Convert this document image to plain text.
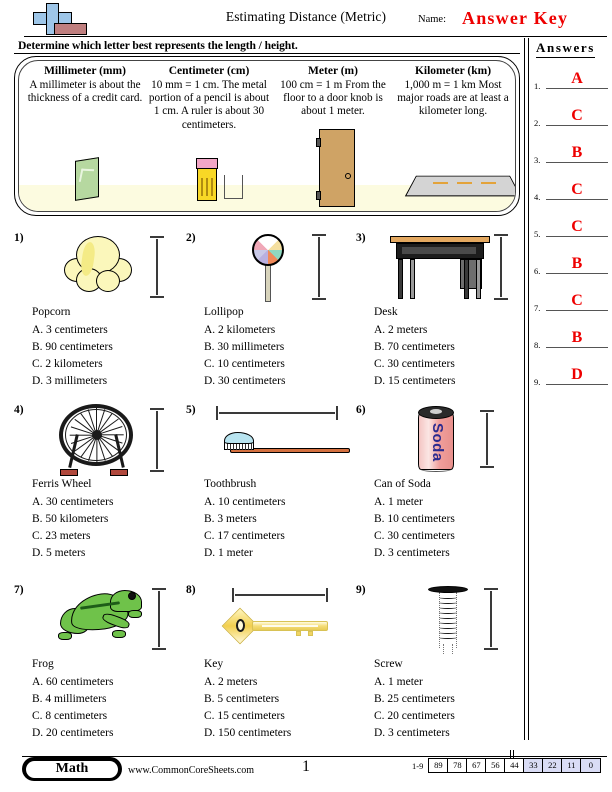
Estimating Distance (Metric)	Name: Answer Key
Determine which letter best represents the length / height.
Millimeter (mm)
A millimeter is about the thickness of a credit card.
Centimeter (cm)
10 mm = 1 cm. The metal portion of a pencil is about 1 cm. A ruler is about 30 centimeters.
Meter (m)
100 cm = 1 m From the floor to a door knob is about 1 meter.
Kilometer (km)
1,000 m = 1 km Most major roads are at least a kilometer long.
Answers
1.	A
2.	C
3.	B
4.	C
5.	C
6.	B
7.	C
8.	B
9.	D
1)
Popcorn
A. 3 centimeters
B. 90 centimeters
C. 2 kilometers
D. 3 millimeters
2)
Lollipop
A. 2 kilometers
B. 30 millimeters
C. 10 centimeters
D. 30 centimeters
3)
Desk
A. 2 meters
B. 70 centimeters
C. 30 centimeters
D. 15 centimeters
4)
Ferris Wheel
A. 30 centimeters
B. 50 kilometers
C. 23 meters
D. 5 meters
5)
Toothbrush
A. 10 centimeters
B. 3 meters
C. 17 centimeters
D. 1 meter
6)
Soda
Can of Soda
A. 1 meter
B. 10 centimeters
C. 30 centimeters
D. 3 centimeters
7)
Frog
A. 60 centimeters
B. 4 millimeters
C. 8 centimeters
D. 20 centimeters
8)
Key
A. 2 meters
B. 5 centimeters
C. 15 centimeters
D. 150 centimeters
9)
Screw
A. 1 meter
B. 25 centimeters
C. 20 centimeters
D. 3 centimeters
Math	www.CommonCoreSheets.com	1	1-9	89	78	67	56	44	33	22	11	0
